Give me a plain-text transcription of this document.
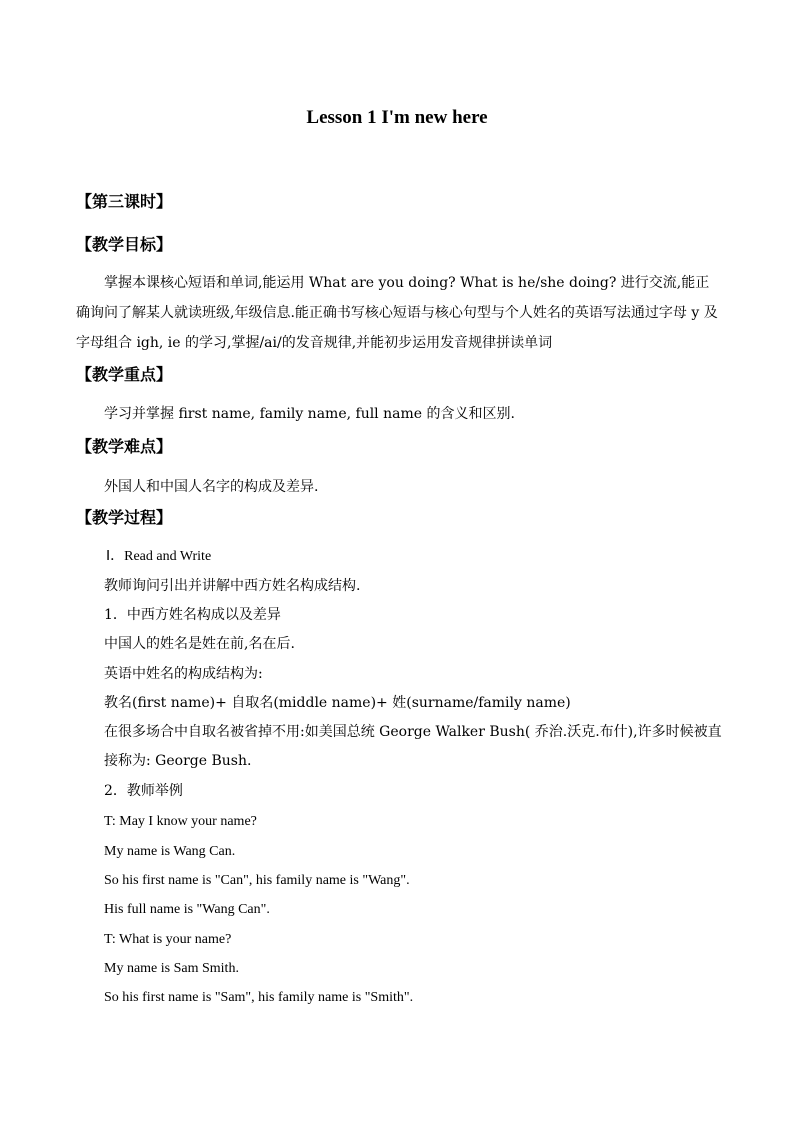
Lesson 1 I'm new here
【第三课时】
【教学目标】
掌握本课核心短语和单词,能运用 What are you doing? What is he/she doing? 进行交流,能正确询问了解某人就读班级,年级信息.能正确书写核心短语与核心句型与个人姓名的英语写法通过字母 y 及字母组合 igh, ie 的学习,掌握/ai/的发音规律,并能初步运用发音规律拼读单词
【教学重点】
学习并掌握 first name, family name, full name 的含义和区别.
【教学难点】
外国人和中国人名字的构成及差异.
【教学过程】
Ⅰ．Read and Write
教师询问引出并讲解中西方姓名构成结构.
1．中西方姓名构成以及差异
中国人的姓名是姓在前,名在后.
英语中姓名的构成结构为:
教名(first name)+ 自取名(middle name)+ 姓(surname/family name)
在很多场合中自取名被省掉不用:如美国总统 George Walker Bush( 乔治.沃克.布什),许多时候被直接称为: George Bush.
2．教师举例
T: May I know your name?
My name is Wang Can.
So his first name is "Can", his family name is "Wang".
His full name is "Wang Can".
T: What is your name?
My name is Sam Smith.
So his first name is "Sam", his family name is "Smith".
